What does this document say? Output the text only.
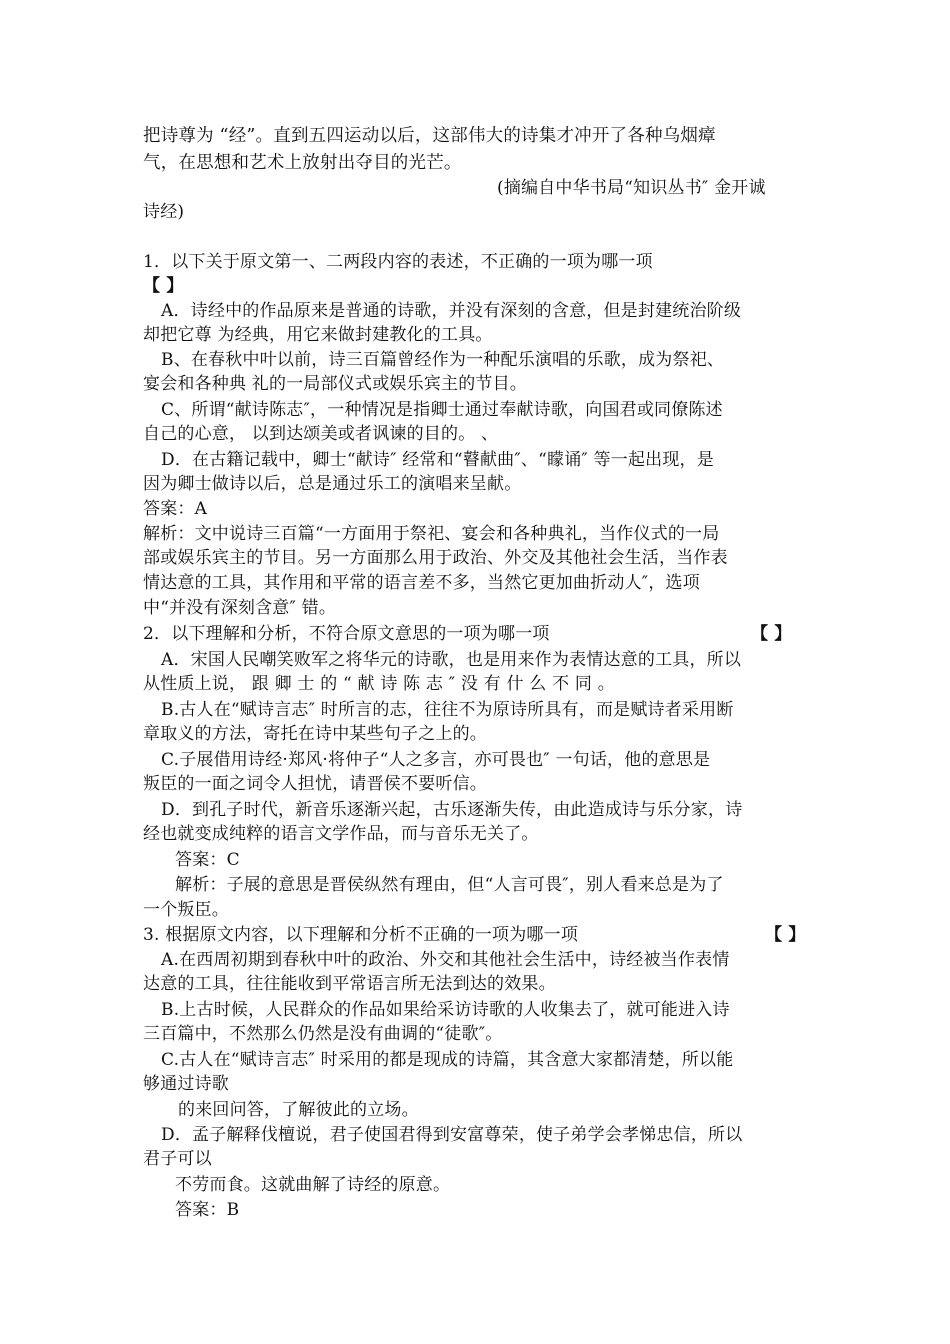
把诗尊为 “经”。直到五四运动以后，这部伟大的诗集才冲开了各种乌烟瘴
气，在思想和艺术上放射出夺目的光芒。
(摘编自中华书局“知识丛书″ 金开诚
诗经)
1．以下关于原文第一、二两段内容的表述，不正确的一项为哪一项
【 】
A．诗经中的作品原来是普通的诗歌，并没有深刻的含意，但是封建统治阶级
却把它尊 为经典，用它来做封建教化的工具。
B、在春秋中叶以前，诗三百篇曾经作为一种配乐演唱的乐歌，成为祭祀、
宴会和各种典 礼的一局部仪式或娱乐宾主的节目。
C、所谓“献诗陈志″，一种情况是指卿士通过奉献诗歌，向国君或同僚陈述
自己的心意， 以到达颂美或者讽谏的目的。 、
D．在古籍记载中，卿士“献诗″ 经常和“瞽献曲″、“矇诵″ 等一起出现，是
因为卿士做诗以后，总是通过乐工的演唱来呈献。
答案：A
解析：文中说诗三百篇“一方面用于祭祀、宴会和各种典礼，当作仪式的一局
部或娱乐宾主的节目。另一方面那么用于政治、外交及其他社会生活，当作表
情达意的工具，其作用和平常的语言差不多，当然它更加曲折动人″，选项
中“并没有深刻含意″ 错。
2．以下理解和分析，不符合原文意思的一项为哪一项	【 】
A．宋国人民嘲笑败军之将华元的诗歌，也是用来作为表情达意的工具，所以
从性质上说， 跟 卿 士 的 “ 献 诗 陈 志 ″ 没 有 什 么 不 同 。
B.古人在“赋诗言志″ 时所言的志，往往不为原诗所具有，而是赋诗者采用断
章取义的方法，寄托在诗中某些句子之上的。
C.子展借用诗经·郑风·将仲子“人之多言，亦可畏也″ 一句话，他的意思是
叛臣的一面之词令人担忧，请晋侯不要听信。
D．到孔子时代，新音乐逐渐兴起，古乐逐渐失传，由此造成诗与乐分家，诗
经也就变成纯粹的语言文学作品，而与音乐无关了。
答案：C
解析：子展的意思是晋侯纵然有理由，但“人言可畏″，别人看来总是为了
一个叛臣。
3. 根据原文内容，以下理解和分析不正确的一项为哪一项	【 】
A.在西周初期到春秋中叶的政治、外交和其他社会生活中，诗经被当作表情
达意的工具，往往能收到平常语言所无法到达的效果。
B.上古时候，人民群众的作品如果给采访诗歌的人收集去了，就可能进入诗
三百篇中，不然那么仍然是没有曲调的“徒歌″。
C.古人在“赋诗言志″ 时采用的都是现成的诗篇，其含意大家都清楚，所以能
够通过诗歌
的来回问答，了解彼此的立场。
D．孟子解释伐檀说，君子使国君得到安富尊荣，使子弟学会孝悌忠信，所以
君子可以
不劳而食。这就曲解了诗经的原意。
答案：B
